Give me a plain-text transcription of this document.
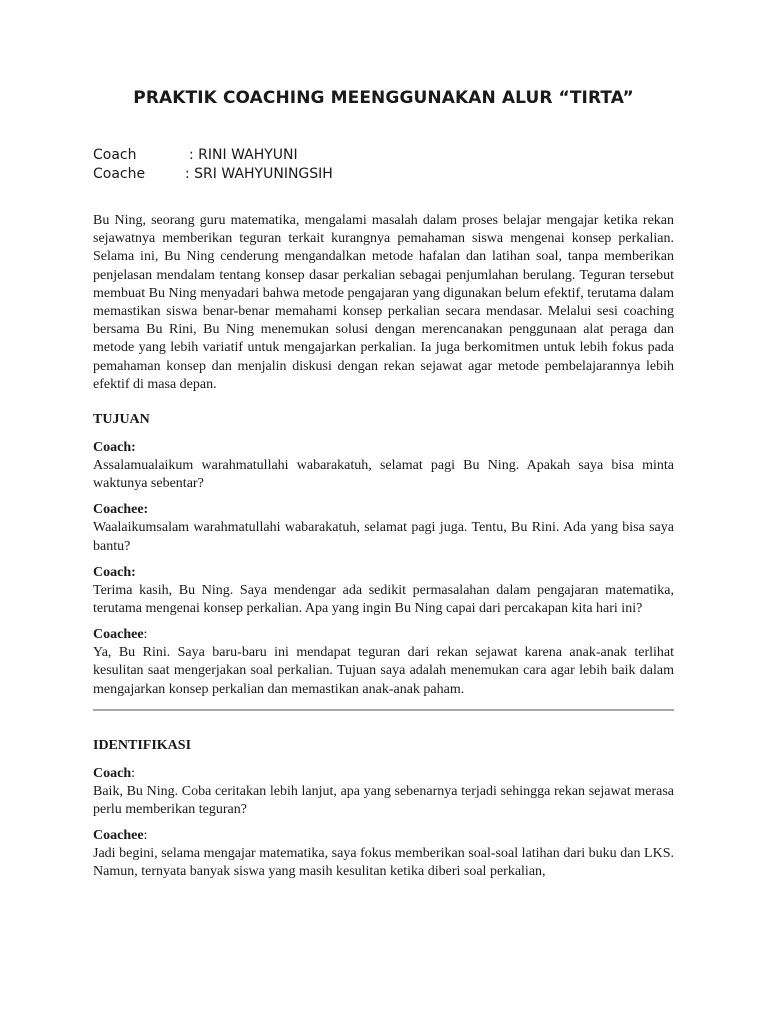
PRAKTIK COACHING MEENGGUNAKAN ALUR “TIRTA”
Coach	: RINI WAHYUNI
Coache	: SRI WAHYUNINGSIH

Bu Ning, seorang guru matematika, mengalami masalah dalam proses belajar mengajar ketika rekan sejawatnya memberikan teguran terkait kurangnya pemahaman siswa mengenai konsep perkalian. Selama ini, Bu Ning cenderung mengandalkan metode hafalan dan latihan soal, tanpa memberikan penjelasan mendalam tentang konsep dasar perkalian sebagai penjumlahan berulang. Teguran tersebut membuat Bu Ning menyadari bahwa metode pengajaran yang digunakan belum efektif, terutama dalam memastikan siswa benar-benar memahami konsep perkalian secara mendasar. Melalui sesi coaching bersama Bu Rini, Bu Ning menemukan solusi dengan merencanakan penggunaan alat peraga dan metode yang lebih variatif untuk mengajarkan perkalian. Ia juga berkomitmen untuk lebih fokus pada pemahaman konsep dan menjalin diskusi dengan rekan sejawat agar metode pembelajarannya lebih efektif di masa depan.

TUJUAN
Coach:
Assalamualaikum warahmatullahi wabarakatuh, selamat pagi Bu Ning. Apakah saya bisa minta waktunya sebentar?
Coachee:
Waalaikumsalam warahmatullahi wabarakatuh, selamat pagi juga. Tentu, Bu Rini. Ada yang bisa saya bantu?
Coach:
Terima kasih, Bu Ning. Saya mendengar ada sedikit permasalahan dalam pengajaran matematika, terutama mengenai konsep perkalian. Apa yang ingin Bu Ning capai dari percakapan kita hari ini?
Coachee:
Ya, Bu Rini. Saya baru-baru ini mendapat teguran dari rekan sejawat karena anak-anak terlihat kesulitan saat mengerjakan soal perkalian. Tujuan saya adalah menemukan cara agar lebih baik dalam mengajarkan konsep perkalian dan memastikan anak-anak paham.
IDENTIFIKASI
Coach:
Baik, Bu Ning. Coba ceritakan lebih lanjut, apa yang sebenarnya terjadi sehingga rekan sejawat merasa perlu memberikan teguran?
Coachee:
Jadi begini, selama mengajar matematika, saya fokus memberikan soal-soal latihan dari buku dan LKS. Namun, ternyata banyak siswa yang masih kesulitan ketika diberi soal perkalian,
